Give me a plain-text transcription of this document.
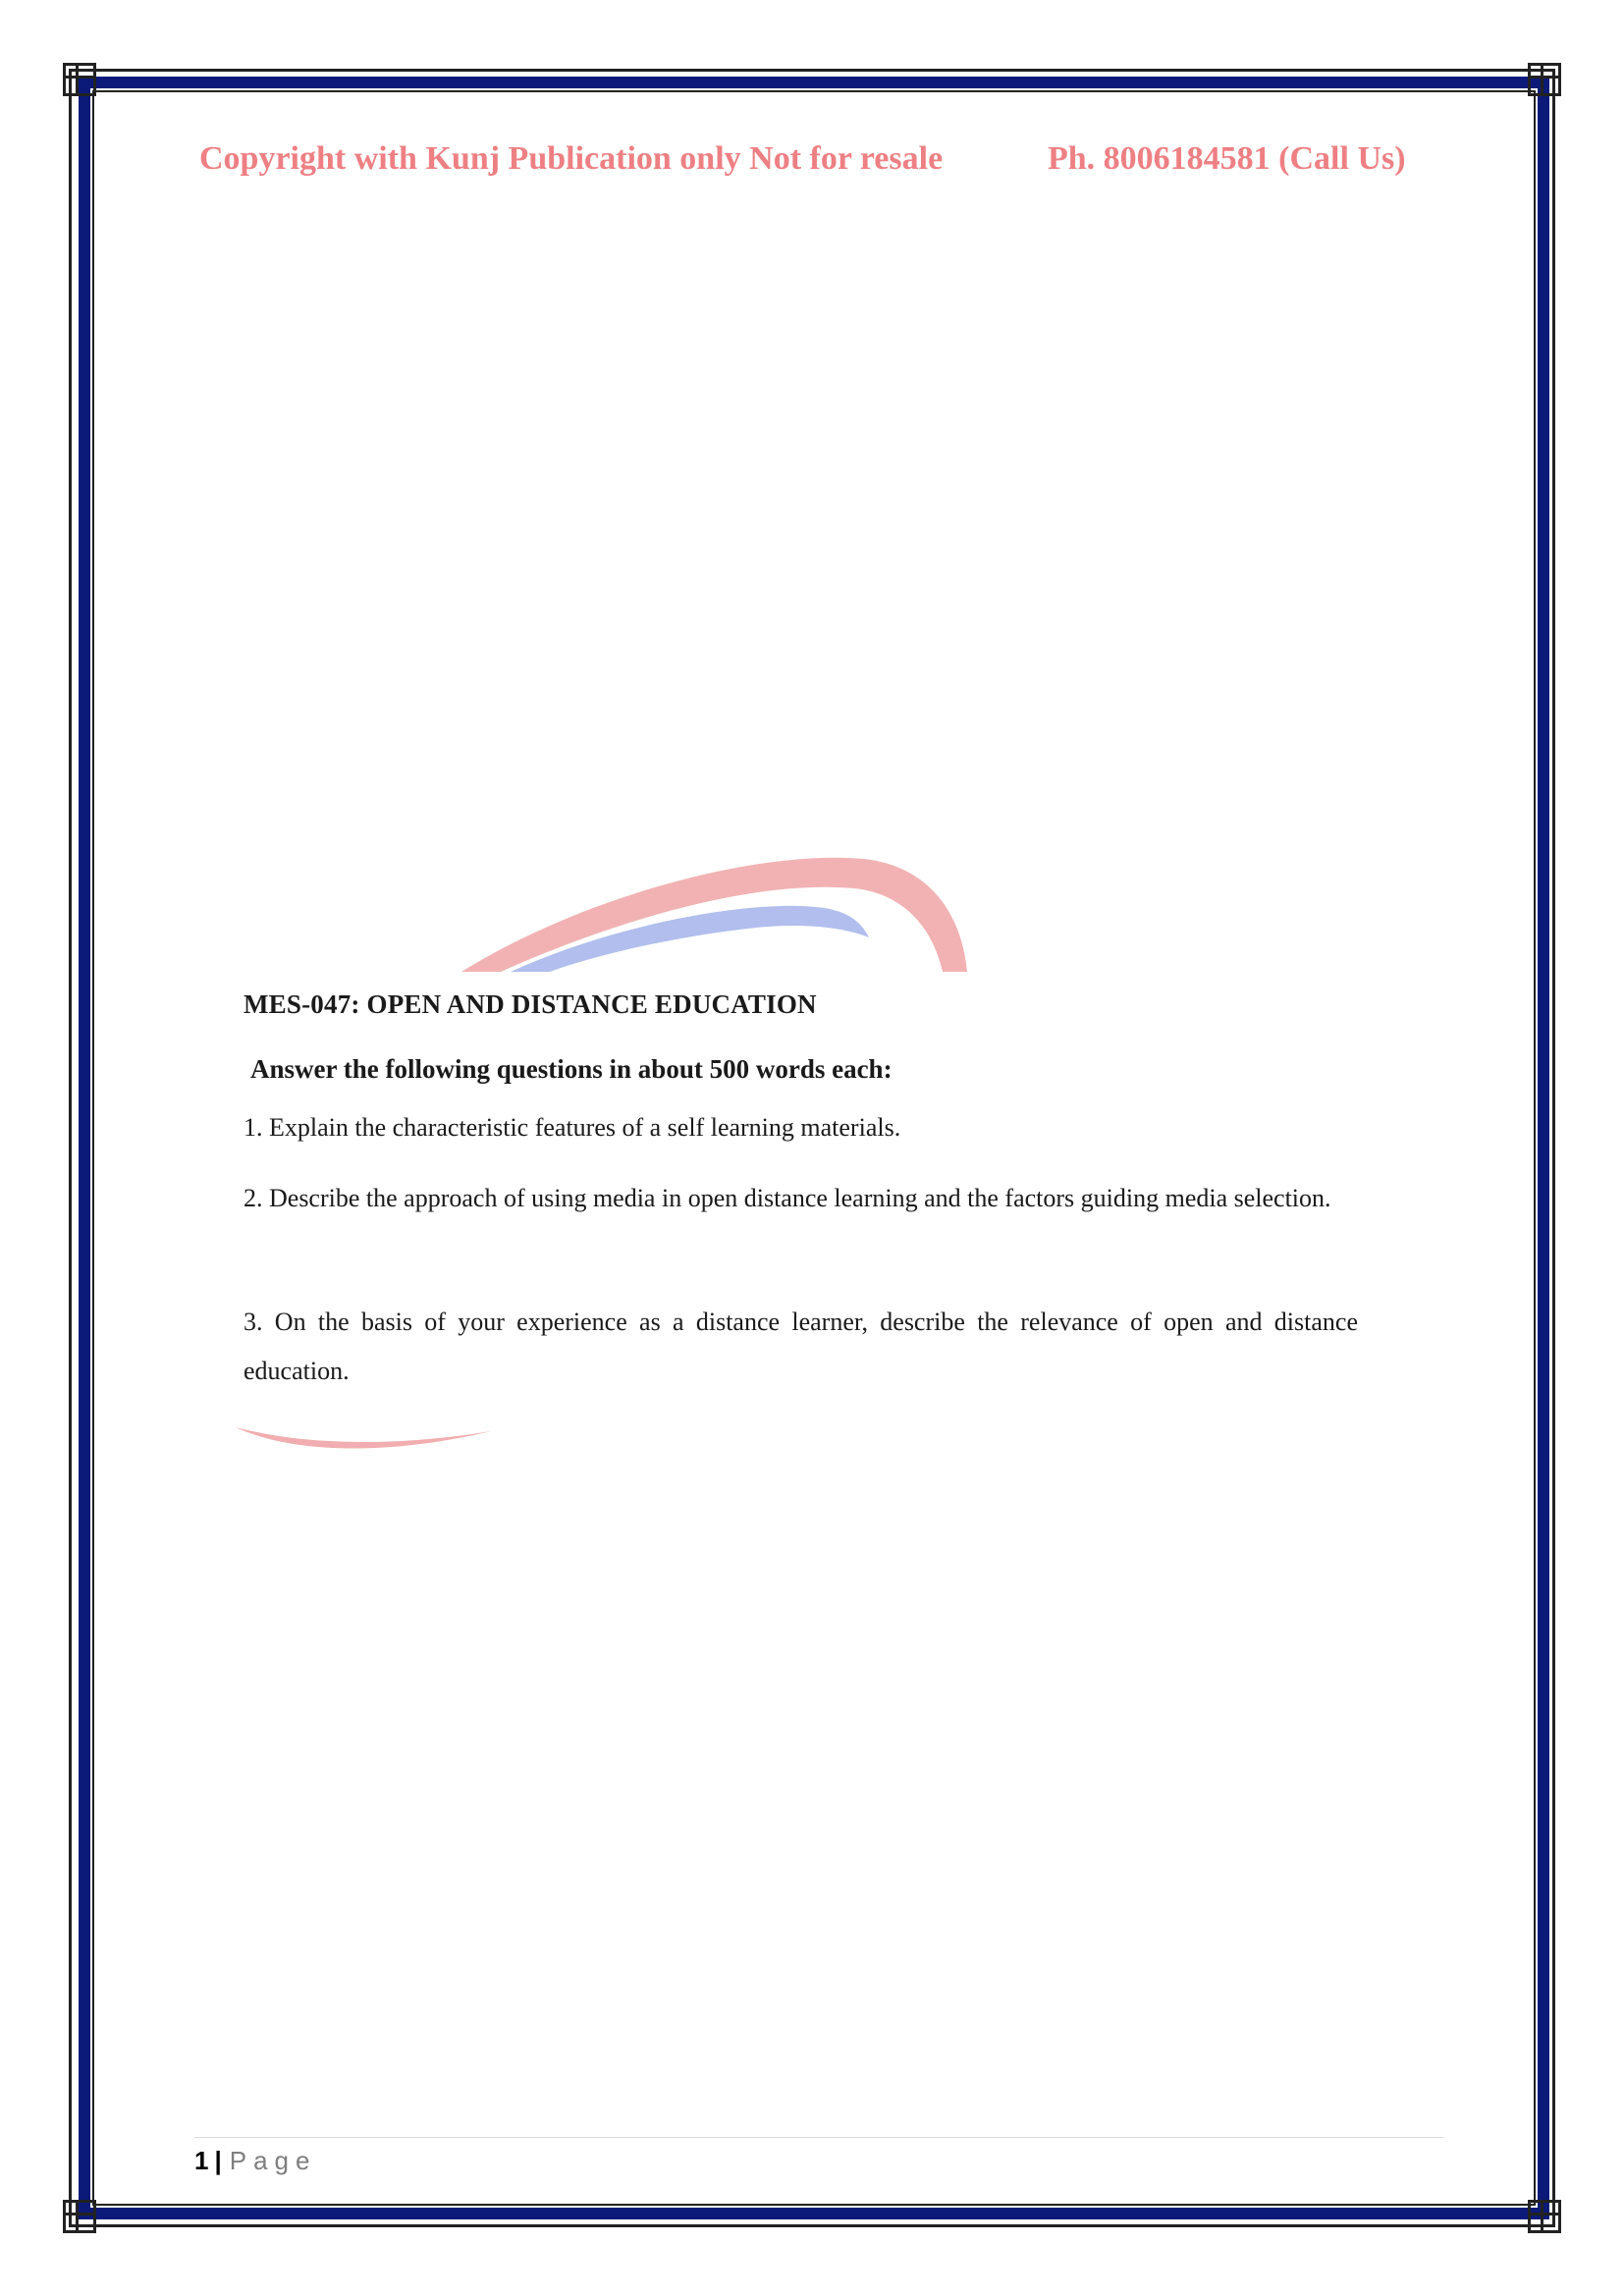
Copyright with Kunj Publication only Not for resale	Ph. 8006184581 (Call Us)
MES-047: OPEN AND DISTANCE EDUCATION
Answer the following questions in about 500 words each:
1. Explain the characteristic features of a self learning materials.
2. Describe the approach of using media in open distance learning and the factors guiding media selection.
3. On the basis of your experience as a distance learner, describe the relevance of open and distance education.
1 | Page
